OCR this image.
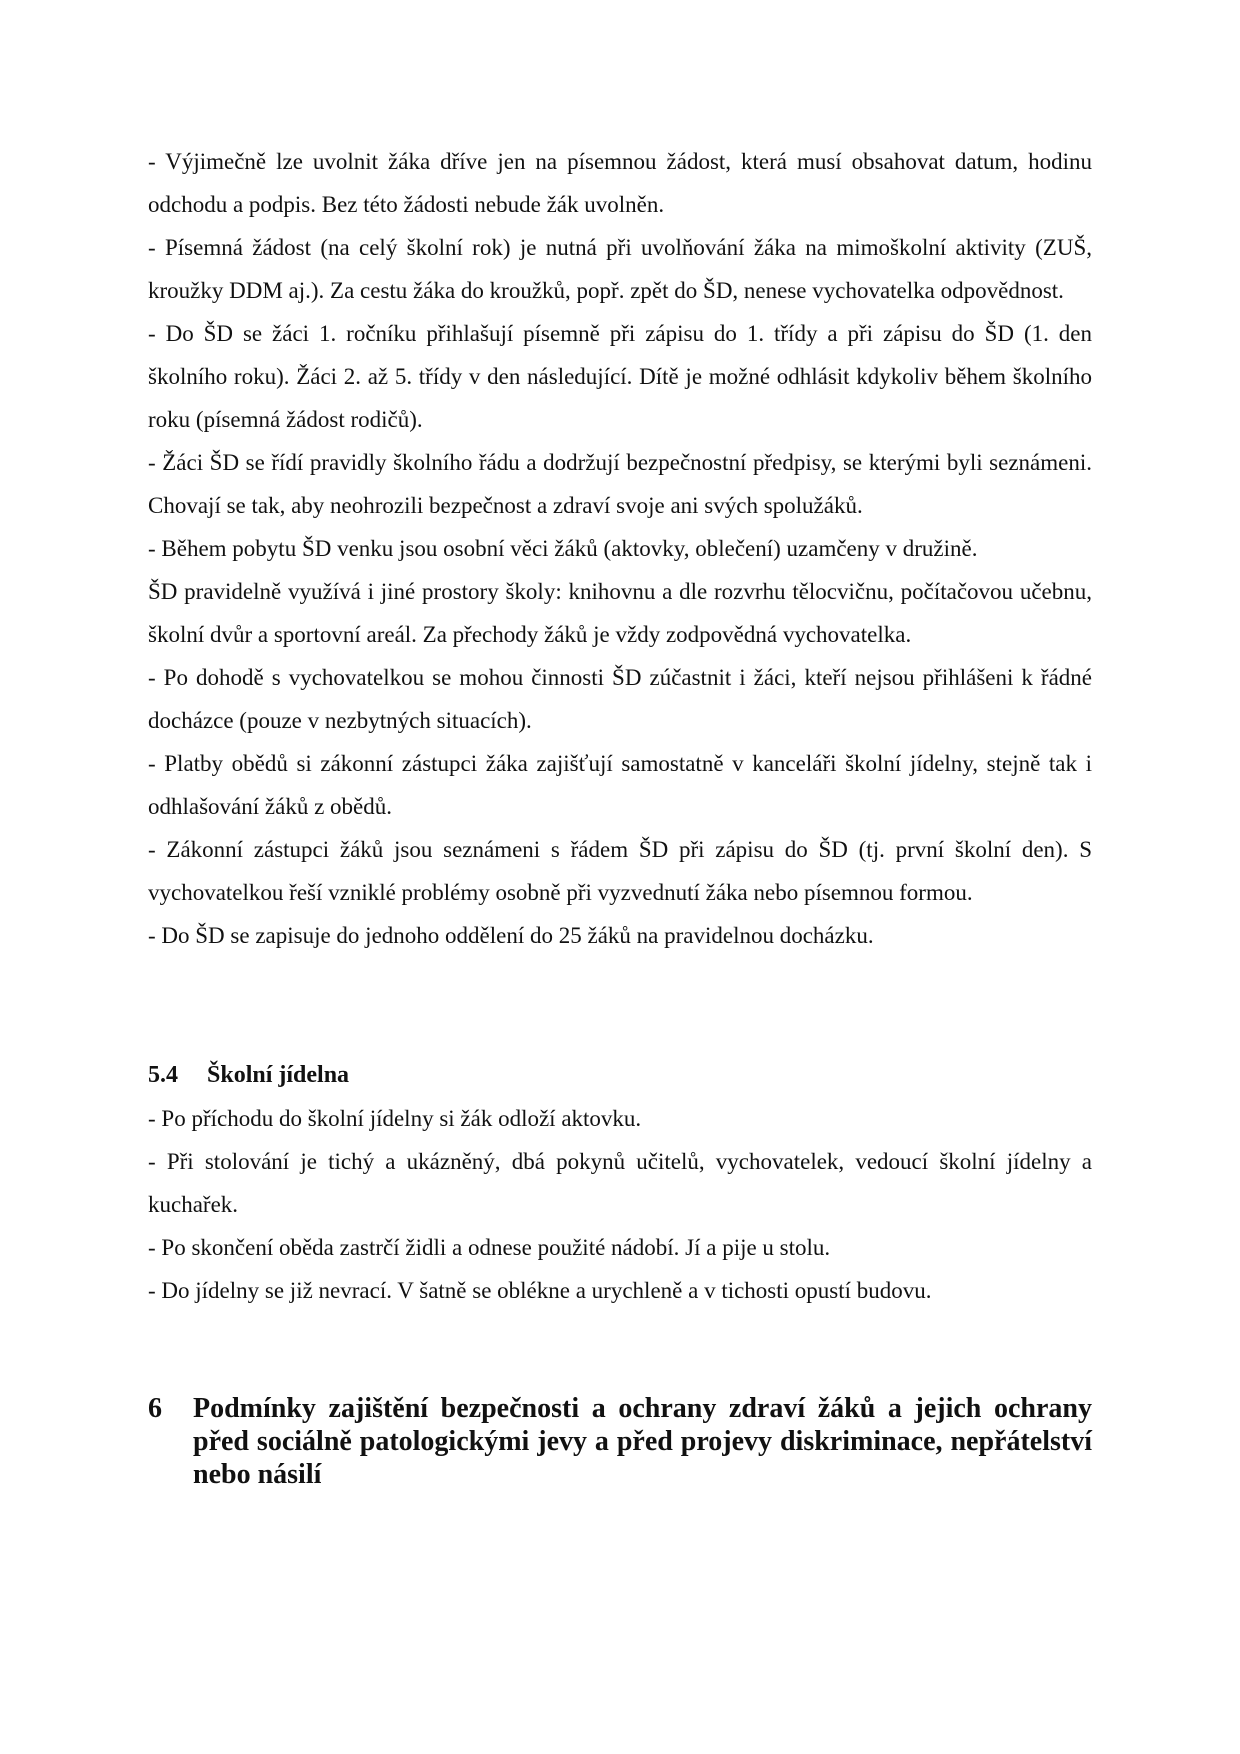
- Výjimečně lze uvolnit žáka dříve jen na písemnou žádost, která musí obsahovat datum, hodinu odchodu a podpis. Bez této žádosti nebude žák uvolněn.

- Písemná žádost (na celý školní rok) je nutná při uvolňování žáka na mimoškolní aktivity (ZUŠ, kroužky DDM aj.). Za cestu žáka do kroužků, popř. zpět do ŠD, nenese vychovatelka odpovědnost.

- Do ŠD se žáci 1. ročníku přihlašují písemně při zápisu do 1. třídy a při zápisu do ŠD (1. den školního roku). Žáci 2. až 5. třídy v den následující. Dítě je možné odhlásit kdykoliv během školního roku (písemná žádost rodičů).

- Žáci ŠD se řídí pravidly školního řádu a dodržují bezpečnostní předpisy, se kterými byli seznámeni. Chovají se tak, aby neohrozili bezpečnost a zdraví svoje ani svých spolužáků.

- Během pobytu ŠD venku jsou osobní věci žáků (aktovky, oblečení) uzamčeny v družině.

ŠD pravidelně využívá i jiné prostory školy: knihovnu a dle rozvrhu tělocvičnu, počítačovou učebnu, školní dvůr a sportovní areál. Za přechody žáků je vždy zodpovědná vychovatelka.

- Po dohodě s vychovatelkou se mohou činnosti ŠD zúčastnit i žáci, kteří nejsou přihlášeni k řádné docházce (pouze v nezbytných situacích).

- Platby obědů si zákonní zástupci žáka zajišťují samostatně v kanceláři školní jídelny, stejně tak i odhlašování žáků z obědů.

- Zákonní zástupci žáků jsou seznámeni s řádem ŠD při zápisu do ŠD (tj. první školní den). S vychovatelkou řeší vzniklé problémy osobně při vyzvednutí žáka nebo písemnou formou.

- Do ŠD se zapisuje do jednoho oddělení do 25 žáků na pravidelnou docházku.

5.4 Školní jídelna

- Po příchodu do školní jídelny si žák odloží aktovku.

- Při stolování je tichý a ukázněný, dbá pokynů učitelů, vychovatelek, vedoucí školní jídelny a kuchařek.

- Po skončení oběda zastrčí židli a odnese použité nádobí. Jí a pije u stolu.

- Do jídelny se již nevrací. V šatně se oblékne a urychleně a v tichosti opustí budovu.

6 Podmínky zajištění bezpečnosti a ochrany zdraví žáků a jejich ochrany před sociálně patologickými jevy a před projevy diskriminace, nepřátelství nebo násilí
